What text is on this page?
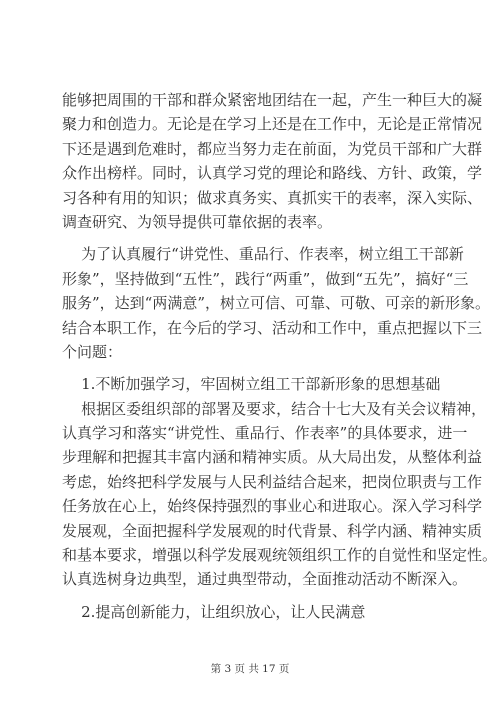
能够把周围的干部和群众紧密地团结在一起，产生一种巨大的凝
聚力和创造力。无论是在学习上还是在工作中，无论是正常情况
下还是遇到危难时，都应当努力走在前面，为党员干部和广大群
众作出榜样。同时，认真学习党的理论和路线、方针、政策，学
习各种有用的知识；做求真务实、真抓实干的表率，深入实际、
调查研究、为领导提供可靠依据的表率。
为了认真履行“讲党性、重品行、作表率，树立组工干部新
形象”，坚持做到“五性”，践行“两重”，做到“五先”，搞好“三
服务”，达到“两满意”，树立可信、可靠、可敬、可亲的新形象。
结合本职工作，在今后的学习、活动和工作中，重点把握以下三
个问题：
1.不断加强学习，牢固树立组工干部新形象的思想基础
根据区委组织部的部署及要求，结合十七大及有关会议精神，
认真学习和落实“讲党性、重品行、作表率”的具体要求，进一
步理解和把握其丰富内涵和精神实质。从大局出发，从整体利益
考虑，始终把科学发展与人民利益结合起来，把岗位职责与工作
任务放在心上，始终保持强烈的事业心和进取心。深入学习科学
发展观，全面把握科学发展观的时代背景、科学内涵、精神实质
和基本要求，增强以科学发展观统领组织工作的自觉性和坚定性。
认真选树身边典型，通过典型带动，全面推动活动不断深入。
2.提高创新能力，让组织放心，让人民满意
第 3 页 共 17 页
